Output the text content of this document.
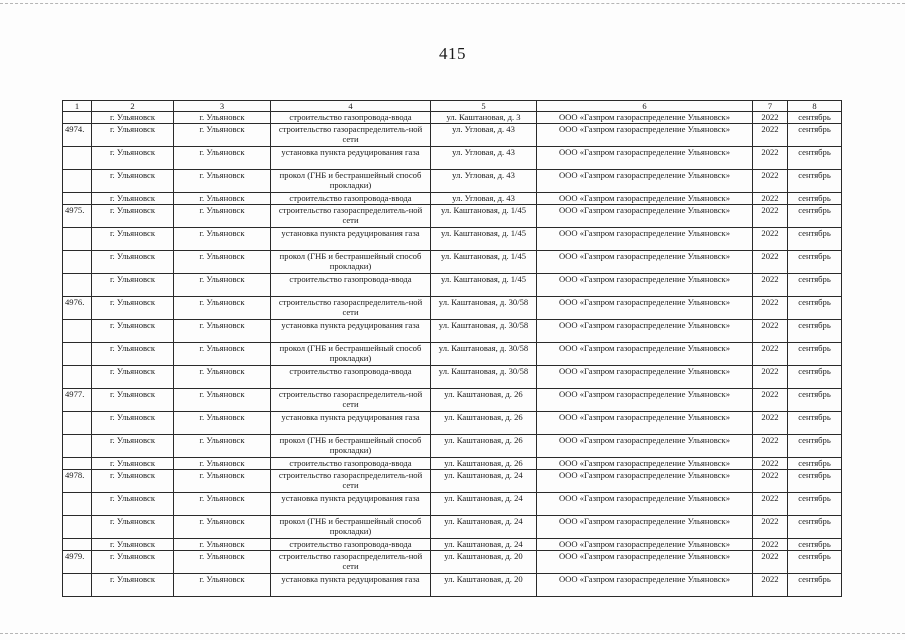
415
1	2	3	4	5	6	7	8
	г. Ульяновск	г. Ульяновск	строительство газопровода-ввода	ул. Каштановая, д. 3	ООО «Газпром газораспределение Ульяновск»	2022	сентябрь
4974.	г. Ульяновск	г. Ульяновск	строительство газораспределитель-ной сети	ул. Угловая, д. 43	ООО «Газпром газораспределение Ульяновск»	2022	сентябрь
	г. Ульяновск	г. Ульяновск	установка пункта редуцирования газа	ул. Угловая, д. 43	ООО «Газпром газораспределение Ульяновск»	2022	сентябрь
	г. Ульяновск	г. Ульяновск	прокол (ГНБ и бестраншейный способ прокладки)	ул. Угловая, д. 43	ООО «Газпром газораспределение Ульяновск»	2022	сентябрь
	г. Ульяновск	г. Ульяновск	строительство газопровода-ввода	ул. Угловая, д. 43	ООО «Газпром газораспределение Ульяновск»	2022	сентябрь
4975.	г. Ульяновск	г. Ульяновск	строительство газораспределитель-ной сети	ул. Каштановая, д. 1/45	ООО «Газпром газораспределение Ульяновск»	2022	сентябрь
	г. Ульяновск	г. Ульяновск	установка пункта редуцирования газа	ул. Каштановая, д. 1/45	ООО «Газпром газораспределение Ульяновск»	2022	сентябрь
	г. Ульяновск	г. Ульяновск	прокол (ГНБ и бестраншейный способ прокладки)	ул. Каштановая, д. 1/45	ООО «Газпром газораспределение Ульяновск»	2022	сентябрь
	г. Ульяновск	г. Ульяновск	строительство газопровода-ввода	ул. Каштановая, д. 1/45	ООО «Газпром газораспределение Ульяновск»	2022	сентябрь
4976.	г. Ульяновск	г. Ульяновск	строительство газораспределитель-ной сети	ул. Каштановая, д. 30/58	ООО «Газпром газораспределение Ульяновск»	2022	сентябрь
	г. Ульяновск	г. Ульяновск	установка пункта редуцирования газа	ул. Каштановая, д. 30/58	ООО «Газпром газораспределение Ульяновск»	2022	сентябрь
	г. Ульяновск	г. Ульяновск	прокол (ГНБ и бестраншейный способ прокладки)	ул. Каштановая, д. 30/58	ООО «Газпром газораспределение Ульяновск»	2022	сентябрь
	г. Ульяновск	г. Ульяновск	строительство газопровода-ввода	ул. Каштановая, д. 30/58	ООО «Газпром газораспределение Ульяновск»	2022	сентябрь
4977.	г. Ульяновск	г. Ульяновск	строительство газораспределитель-ной сети	ул. Каштановая, д. 26	ООО «Газпром газораспределение Ульяновск»	2022	сентябрь
	г. Ульяновск	г. Ульяновск	установка пункта редуцирования газа	ул. Каштановая, д. 26	ООО «Газпром газораспределение Ульяновск»	2022	сентябрь
	г. Ульяновск	г. Ульяновск	прокол (ГНБ и бестраншейный способ прокладки)	ул. Каштановая, д. 26	ООО «Газпром газораспределение Ульяновск»	2022	сентябрь
	г. Ульяновск	г. Ульяновск	строительство газопровода-ввода	ул. Каштановая, д. 26	ООО «Газпром газораспределение Ульяновск»	2022	сентябрь
4978.	г. Ульяновск	г. Ульяновск	строительство газораспределитель-ной сети	ул. Каштановая, д. 24	ООО «Газпром газораспределение Ульяновск»	2022	сентябрь
	г. Ульяновск	г. Ульяновск	установка пункта редуцирования газа	ул. Каштановая, д. 24	ООО «Газпром газораспределение Ульяновск»	2022	сентябрь
	г. Ульяновск	г. Ульяновск	прокол (ГНБ и бестраншейный способ прокладки)	ул. Каштановая, д. 24	ООО «Газпром газораспределение Ульяновск»	2022	сентябрь
	г. Ульяновск	г. Ульяновск	строительство газопровода-ввода	ул. Каштановая, д. 24	ООО «Газпром газораспределение Ульяновск»	2022	сентябрь
4979.	г. Ульяновск	г. Ульяновск	строительство газораспределитель-ной сети	ул. Каштановая, д. 20	ООО «Газпром газораспределение Ульяновск»	2022	сентябрь
	г. Ульяновск	г. Ульяновск	установка пункта редуцирования газа	ул. Каштановая, д. 20	ООО «Газпром газораспределение Ульяновск»	2022	сентябрь
